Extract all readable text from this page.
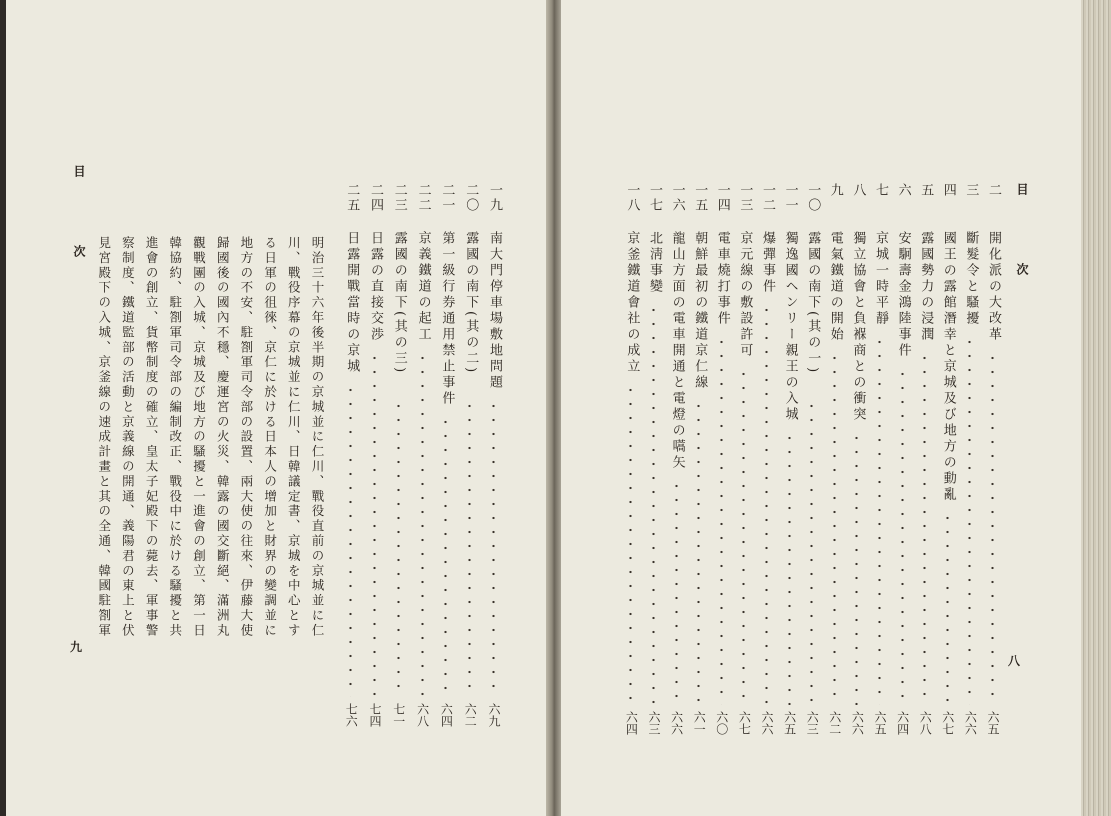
目　次
明治三十六年後半期の京城並に仁川、戰役直前の京城並に仁
川、戰役序幕の京城並に仁川、日韓議定書、京城を中心とす
る日軍の徂徠、京仁に於ける日本人の增加と財界の變調並に
地方の不安、駐劄軍司令部の設置、兩大使の往來、伊藤大使
歸國後の國內不穩、慶運宮の火災、韓露の國交斷絕、滿洲丸
觀戰團の入城、京城及び地方の騷擾と一進會の創立、第一日
韓協約、駐劄軍司令部の編制改正、戰役中に於ける騷擾と共
進會の創立、貨幣制度の確立、皇太子妃殿下の薨去、軍事警
察制度、鐵道監部の活動と京義線の開通、義陽君の東上と伏
見宮殿下の入城、京釜線の速成計畫と其の全通、韓國駐劄軍
一九
南大門停車場敷地問題
六九
二〇
露國の南下(其の二)
六二
二一
第一級行券通用禁止事件
六四
二二
京義鐵道の起工
六八
二三
露國の南下(其の三)
七一
二四
日露の直接交渉
七四
二五
日露開戰當時の京城
七六
九
目　次
二
開化派の大改革
六五
三
斷髮令と騷擾
六六
四
國王の露館潛幸と京城及び地方の動亂
六七
五
露國勢力の浸潤
六八
六
安駉壽金鴻陸事件
六四
七
京城一時平靜
六五
八
獨立協會と負褓商との衝突
六六
九
電氣鐵道の開始
六二
一〇
露國の南下(其の一)
六三
一一
獨逸國ヘンリー親王の入城
六五
一二
爆彈事件
六六
一三
京元線の敷設許可
六七
一四
電車燒打事件
六〇
一五
朝鮮最初の鐵道京仁線
六一
一六
龍山方面の電車開通と電燈の嚆矢
六六
一七
北淸事變
六三
一八
京釜鐵道會社の成立
六四
八
